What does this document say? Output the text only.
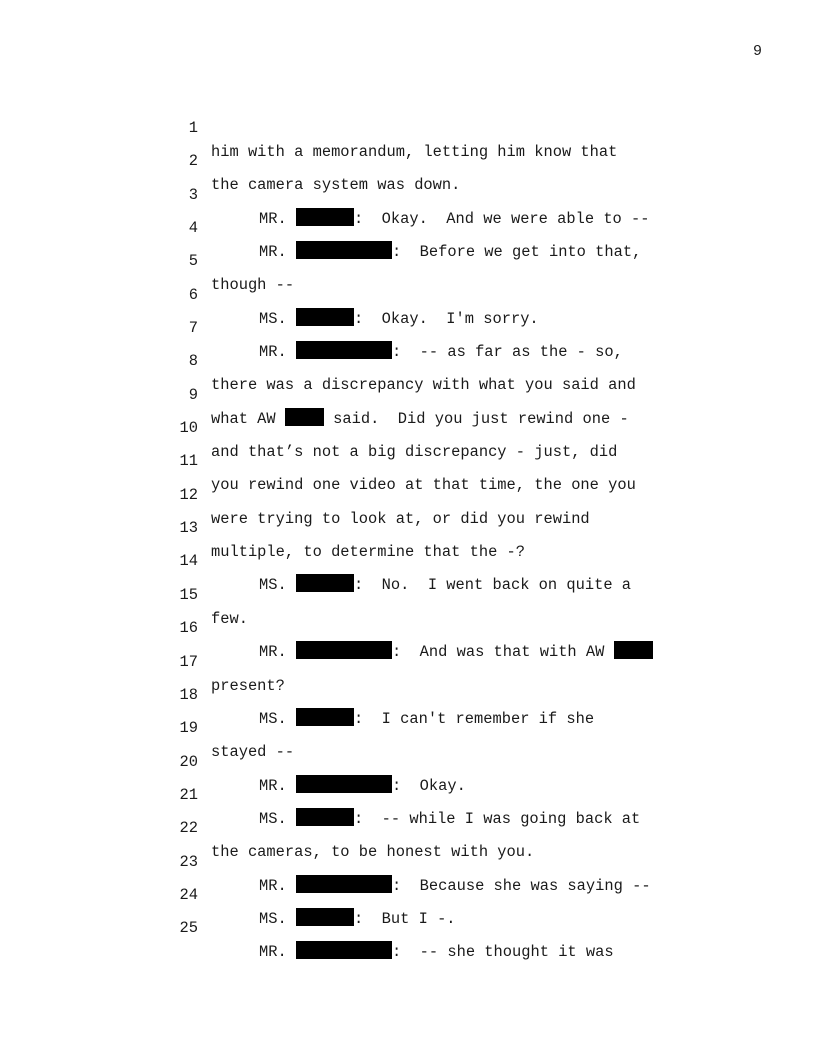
9

1

him with a memorandum, letting him know that

2

the camera system was down.

3

MR.	:  Okay.  And we were able to --

4

MR.	:  Before we get into that,

5

though --

6

MS.	:  Okay.  I'm sorry.

7

MR.	:  -- as far as the - so,

8

there was a discrepancy with what you said and

9

what AW	said.  Did you just rewind one -

10

and that’s not a big discrepancy - just, did

11

you rewind one video at that time, the one you

12

were trying to look at, or did you rewind

13

multiple, to determine that the -?

14

MS.	:  No.  I went back on quite a

15

few.

16

MR.	:  And was that with AW

17

present?

18

MS.	:  I can't remember if she

19

stayed --

20

MR.	:  Okay.

21

MS.	:  -- while I was going back at

22

the cameras, to be honest with you.

23

MR.	:  Because she was saying --

24

MS.	:  But I -.

25

MR.	:  -- she thought it was
